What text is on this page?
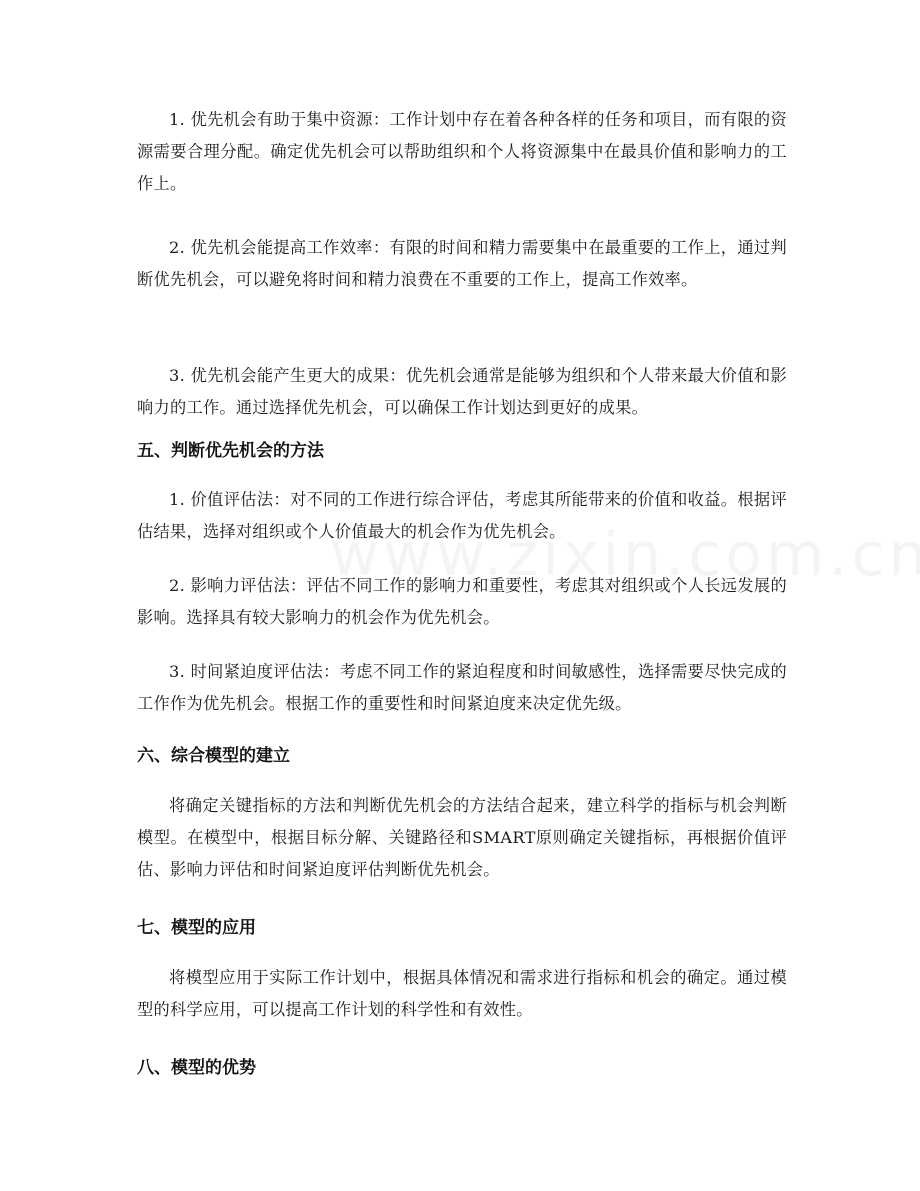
1. 优先机会有助于集中资源：工作计划中存在着各种各样的任务和项目，而有限的资源需要合理分配。确定优先机会可以帮助组织和个人将资源集中在最具价值和影响力的工作上。

2. 优先机会能提高工作效率：有限的时间和精力需要集中在最重要的工作上，通过判断优先机会，可以避免将时间和精力浪费在不重要的工作上，提高工作效率。

3. 优先机会能产生更大的成果：优先机会通常是能够为组织和个人带来最大价值和影响力的工作。通过选择优先机会，可以确保工作计划达到更好的成果。

五、判断优先机会的方法

1. 价值评估法：对不同的工作进行综合评估，考虑其所能带来的价值和收益。根据评估结果，选择对组织或个人价值最大的机会作为优先机会。

2. 影响力评估法：评估不同工作的影响力和重要性，考虑其对组织或个人长远发展的影响。选择具有较大影响力的机会作为优先机会。

3. 时间紧迫度评估法：考虑不同工作的紧迫程度和时间敏感性，选择需要尽快完成的工作作为优先机会。根据工作的重要性和时间紧迫度来决定优先级。

六、综合模型的建立

将确定关键指标的方法和判断优先机会的方法结合起来，建立科学的指标与机会判断模型。在模型中，根据目标分解、关键路径和SMART原则确定关键指标，再根据价值评估、影响力评估和时间紧迫度评估判断优先机会。

七、模型的应用

将模型应用于实际工作计划中，根据具体情况和需求进行指标和机会的确定。通过模型的科学应用，可以提高工作计划的科学性和有效性。

八、模型的优势
